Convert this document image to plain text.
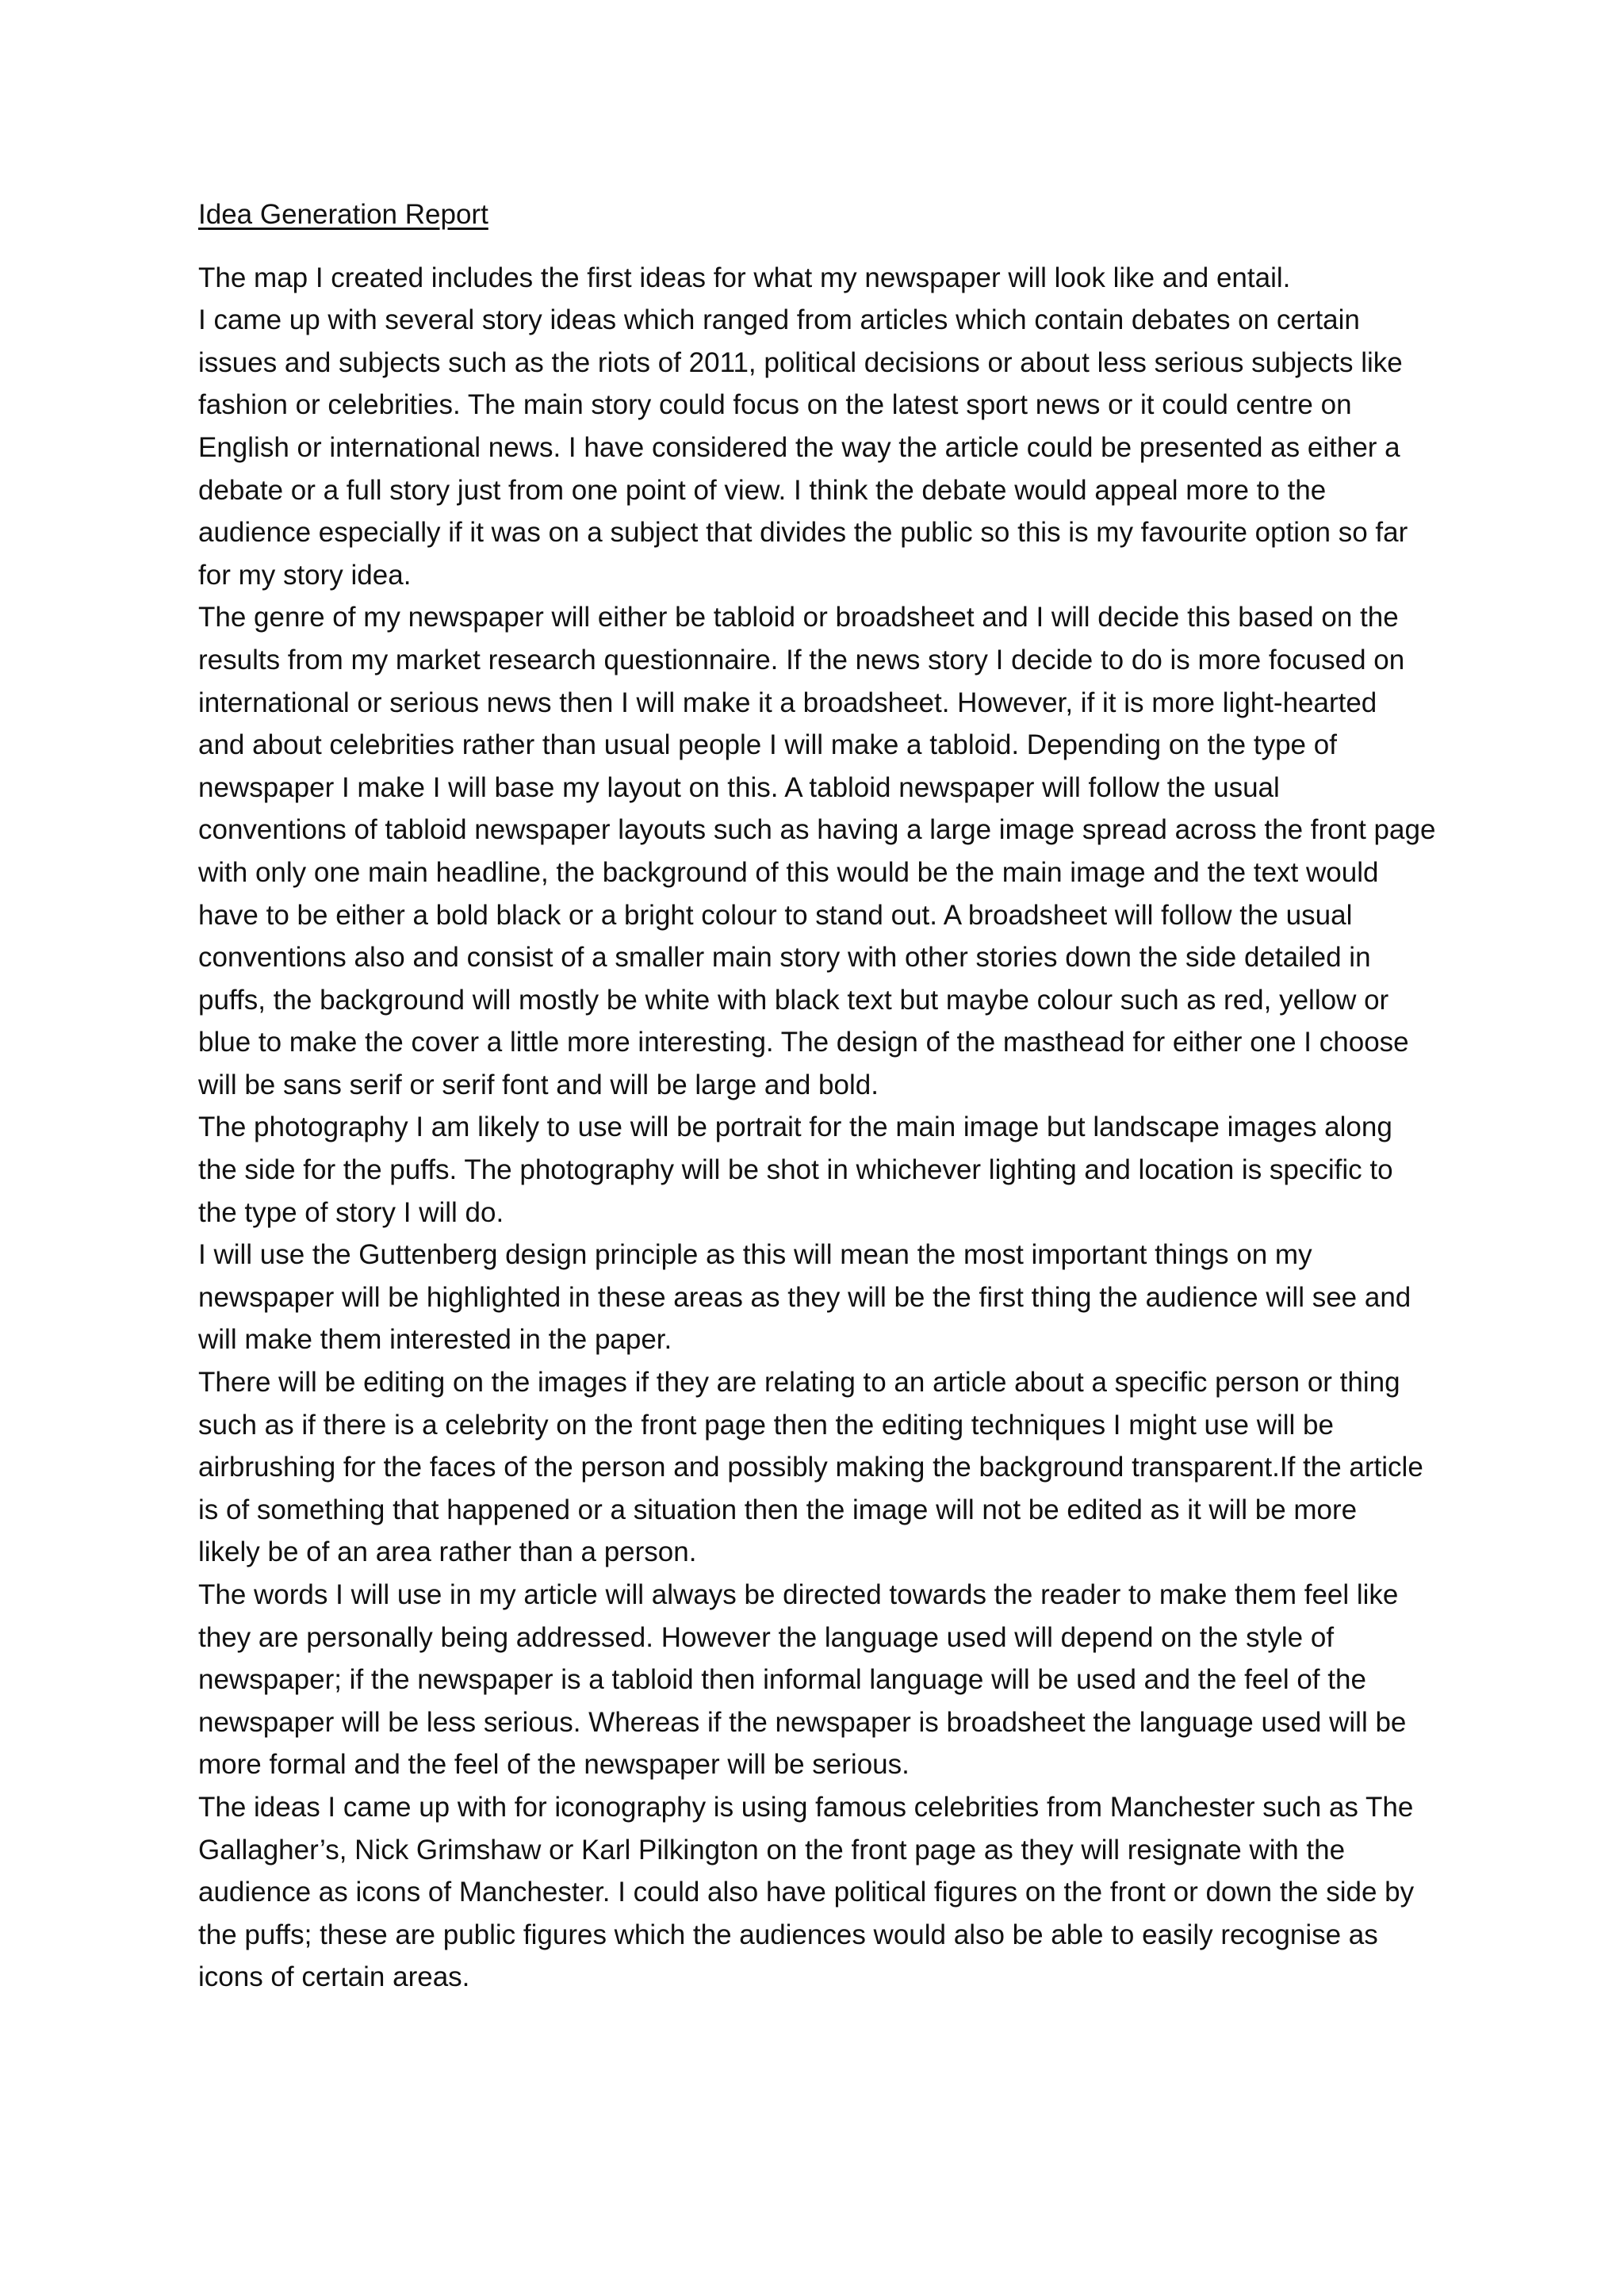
Idea Generation Report
The map I created includes the first ideas for what my newspaper will look like and entail.
I came up with several story ideas which ranged from articles which contain debates on certain
issues and subjects such as the riots of 2011, political decisions or about less serious subjects like
fashion or celebrities. The main story could focus on the latest sport news or it could centre on
English or international news. I have considered the way the article could be presented as either a
debate or a full story just from one point of view. I think the debate would appeal more to the
audience especially if it was on a subject that divides the public so this is my favourite option so far
for my story idea.
The genre of my newspaper will either be tabloid or broadsheet and I will decide this based on the
results from my market research questionnaire. If the news story I decide to do is more focused on
international or serious news then I will make it a broadsheet. However, if it is more light-hearted
and about celebrities rather than usual people I will make a tabloid. Depending on the type of
newspaper I make I will base my layout on this. A tabloid newspaper will follow the usual
conventions of tabloid newspaper layouts such as having a large image spread across the front page
with only one main headline, the background of this would be the main image and the text would
have to be either a bold black or a bright colour to stand out. A broadsheet will follow the usual
conventions also and consist of a smaller main story with other stories down the side detailed in
puffs, the background will mostly be white with black text but maybe colour such as red, yellow or
blue to make the cover a little more interesting. The design of the masthead for either one I choose
will be sans serif or serif font and will be large and bold.
The photography I am likely to use will be portrait for the main image but landscape images along
the side for the puffs. The photography will be shot in whichever lighting and location is specific to
the type of story I will do.
I will use the Guttenberg design principle as this will mean the most important things on my
newspaper will be highlighted in these areas as they will be the first thing the audience will see and
will make them interested in the paper.
There will be editing on the images if they are relating to an article about a specific person or thing
such as if there is a celebrity on the front page then the editing techniques I might use will be
airbrushing for the faces of the person and possibly making the background transparent.If the article
is of something that happened or a situation then the image will not be edited as it will be more
likely be of an area rather than a person.
The words I will use in my article will always be directed towards the reader to make them feel like
they are personally being addressed. However the language used will depend on the style of
newspaper; if the newspaper is a tabloid then informal language will be used and the feel of the
newspaper will be less serious. Whereas if the newspaper is broadsheet the language used will be
more formal and the feel of the newspaper will be serious.
The ideas I came up with for iconography is using famous celebrities from Manchester such as The
Gallagher’s, Nick Grimshaw or Karl Pilkington on the front page as they will resignate with the
audience as icons of Manchester. I could also have political figures on the front or down the side by
the puffs; these are public figures which the audiences would also be able to easily recognise as
icons of certain areas.
